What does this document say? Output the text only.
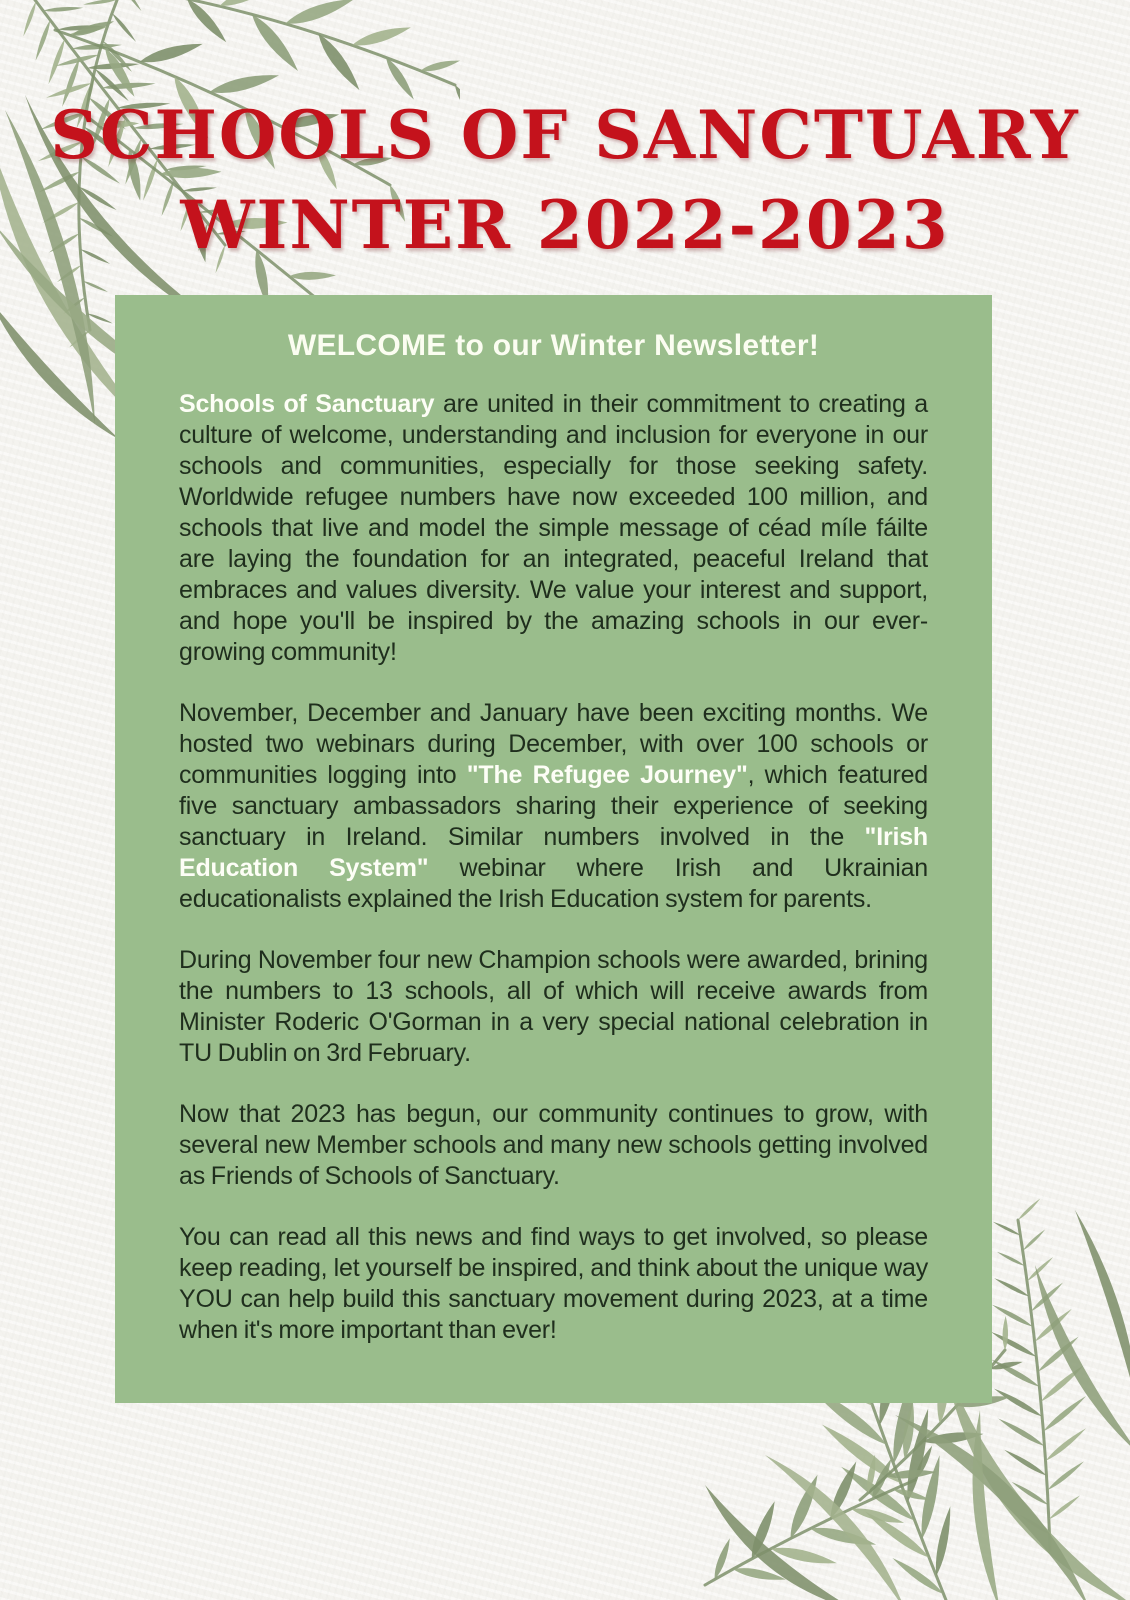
SCHOOLS OF SANCTUARY
WINTER 2022-2023
WELCOME to our Winter Newsletter!

Schools of Sanctuary are united in their commitment to creating a culture of welcome, understanding and inclusion for everyone in our schools and communities, especially for those seeking safety. Worldwide refugee numbers have now exceeded 100 million, and schools that live and model the simple message of céad míle fáilte are laying the foundation for an integrated, peaceful Ireland that embraces and values diversity. We value your interest and support, and hope you'll be inspired by the amazing schools in our ever-growing community!

November, December and January have been exciting months. We hosted two webinars during December, with over 100 schools or communities logging into "The Refugee Journey", which featured five sanctuary ambassadors sharing their experience of seeking sanctuary in Ireland. Similar numbers involved in the "Irish Education System" webinar where Irish and Ukrainian educationalists explained the Irish Education system for parents.

During November four new Champion schools were awarded, brining the numbers to 13 schools, all of which will receive awards from Minister Roderic O'Gorman in a very special national celebration in TU Dublin on 3rd February.

Now that 2023 has begun, our community continues to grow, with several new Member schools and many new schools getting involved as Friends of Schools of Sanctuary.

You can read all this news and find ways to get involved, so please keep reading, let yourself be inspired, and think about the unique way YOU can help build this sanctuary movement during 2023, at a time when it's more important than ever!
